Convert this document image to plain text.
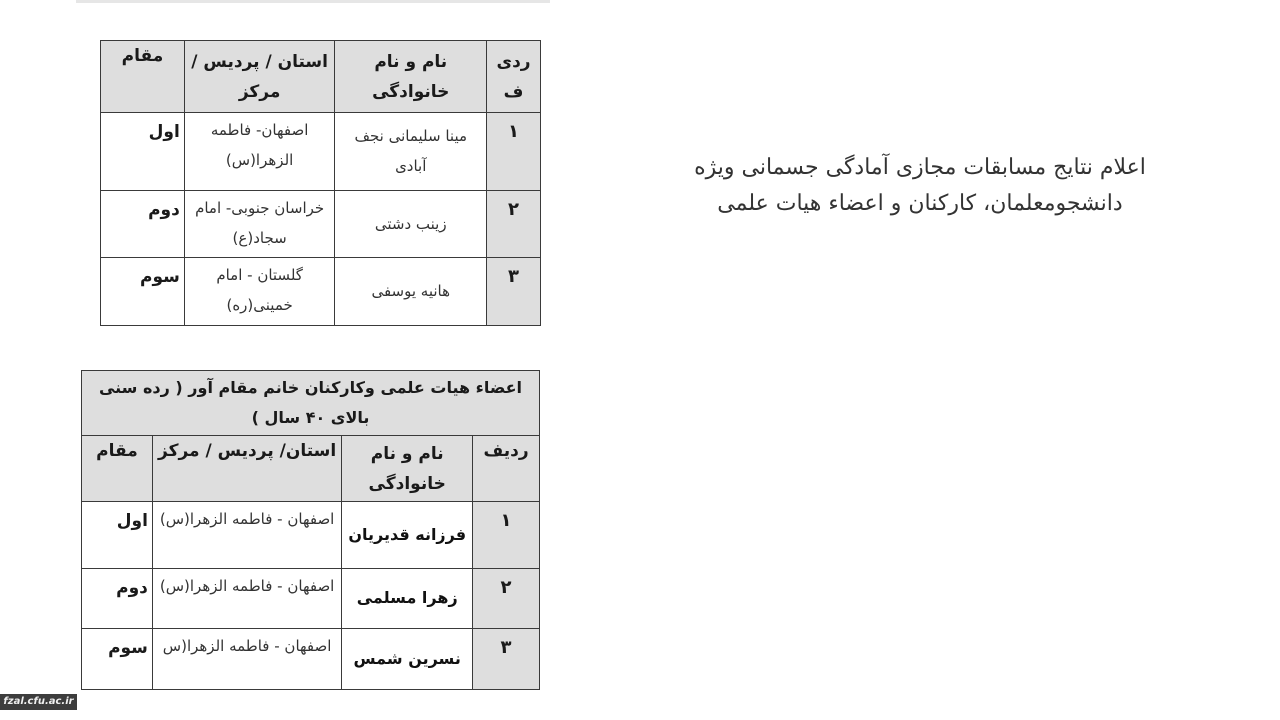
ردی ف	نام و نام خانوادگی	استان / پردیس / مرکز	مقام
۱	مینا سلیمانی نجف آبادی	اصفهان- فاطمه الزهرا(س)	اول
۲	زینب دشتی	خراسان جنوبی- امام سجاد(ع)	دوم
۳	هانیه یوسفی	گلستان - امام خمینی(ره)	سوم
اعضاء هیات علمی وکارکنان خانم مقام آور ( رده سنی بالای ۴۰ سال )			
ردیف	نام و نام خانوادگی	استان/ پردیس / مرکز	مقام
۱	فرزانه قدیریان	اصفهان - فاطمه الزهرا(س)	اول
۲	زهرا مسلمی	اصفهان - فاطمه الزهرا(س)	دوم
۳	نسرین شمس	اصفهان - فاطمه الزهرا(س	سوم
اعلام نتایج مسابقات مجازی آمادگی جسمانی ویژه دانشجومعلمان، کارکنان و اعضاء هیات علمی
fzal.cfu.ac.ir
